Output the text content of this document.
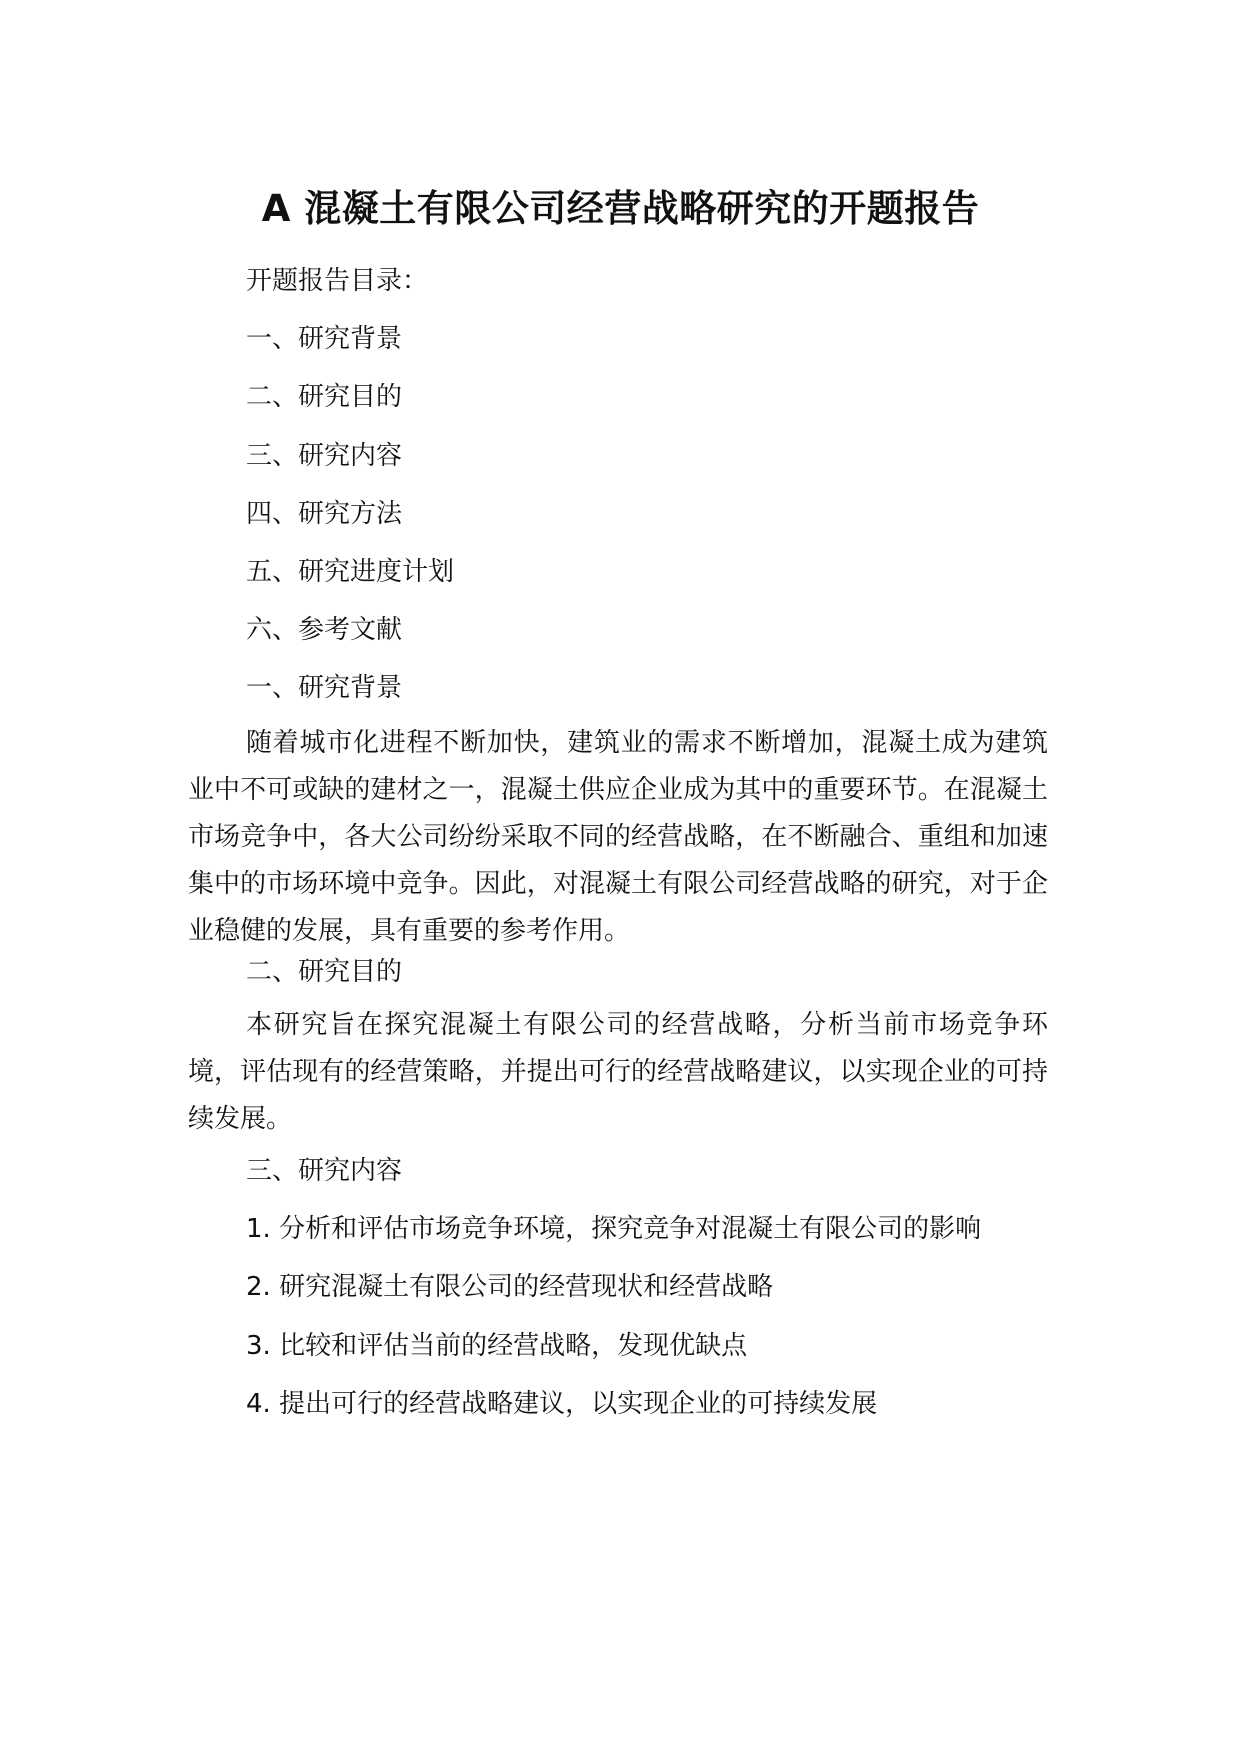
A 混凝土有限公司经营战略研究的开题报告
开题报告目录：
一、研究背景
二、研究目的
三、研究内容
四、研究方法
五、研究进度计划
六、参考文献
一、研究背景
随着城市化进程不断加快，建筑业的需求不断增加，混凝土成为建筑业中不可或缺的建材之一，混凝土供应企业成为其中的重要环节。在混凝土市场竞争中，各大公司纷纷采取不同的经营战略，在不断融合、重组和加速集中的市场环境中竞争。因此，对混凝土有限公司经营战略的研究，对于企业稳健的发展，具有重要的参考作用。
二、研究目的
本研究旨在探究混凝土有限公司的经营战略，分析当前市场竞争环境，评估现有的经营策略，并提出可行的经营战略建议，以实现企业的可持续发展。
三、研究内容
1. 分析和评估市场竞争环境，探究竞争对混凝土有限公司的影响
2. 研究混凝土有限公司的经营现状和经营战略
3. 比较和评估当前的经营战略，发现优缺点
4. 提出可行的经营战略建议，以实现企业的可持续发展
